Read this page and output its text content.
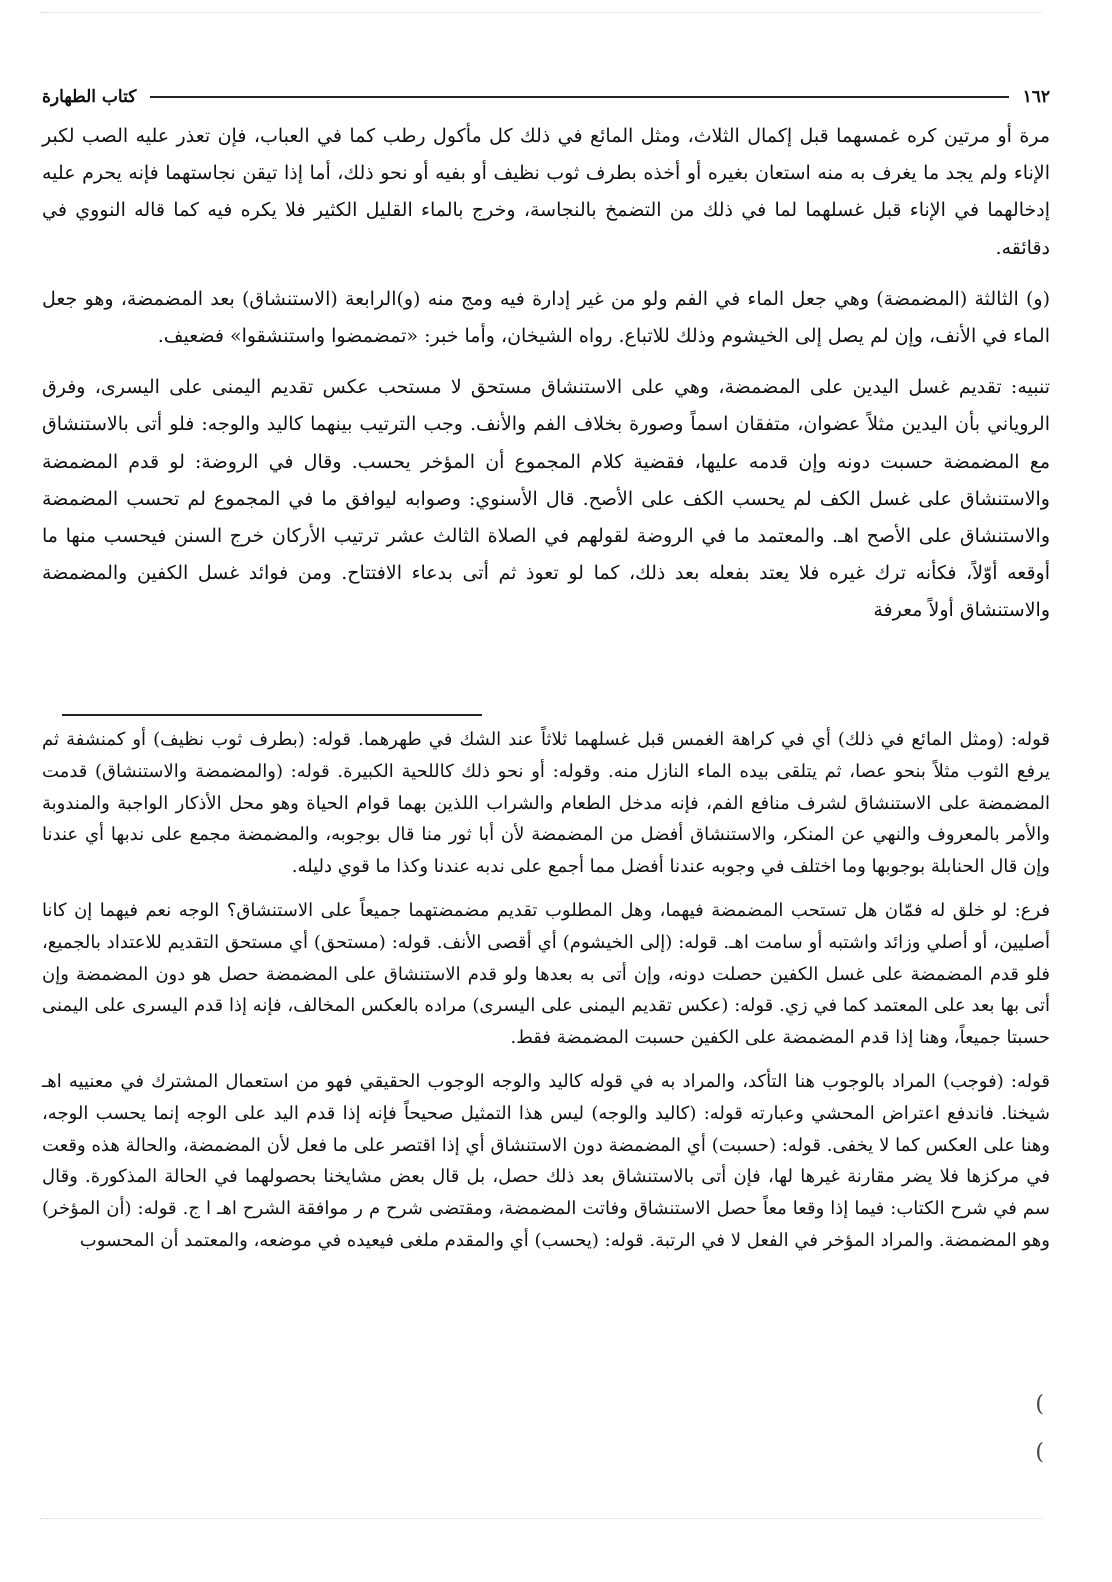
١٦٢
كتاب الطهارة

مرة أو مرتين كره غمسهما قبل إكمال الثلاث، ومثل المائع في ذلك كل مأكول رطب كما في العباب، فإن تعذر عليه الصب لكبر الإناء ولم يجد ما يغرف به منه استعان بغيره أو أخذه بطرف ثوب نظيف أو بفيه أو نحو ذلك، أما إذا تيقن نجاستهما فإنه يحرم عليه إدخالهما في الإناء قبل غسلهما لما في ذلك من التضمخ بالنجاسة، وخرج بالماء القليل الكثير فلا يكره فيه كما قاله النووي في دقائقه.

(و) الثالثة (المضمضة) وهي جعل الماء في الفم ولو من غير إدارة فيه ومج منه (و)الرابعة (الاستنشاق) بعد المضمضة، وهو جعل الماء في الأنف، وإن لم يصل إلى الخيشوم وذلك للاتباع. رواه الشيخان، وأما خبر: «تمضمضوا واستنشقوا» فضعيف.

تنبيه: تقديم غسل اليدين على المضمضة، وهي على الاستنشاق مستحق لا مستحب عكس تقديم اليمنى على اليسرى، وفرق الروياني بأن اليدين مثلاً عضوان، متفقان اسماً وصورة بخلاف الفم والأنف. وجب الترتيب بينهما كاليد والوجه: فلو أتى بالاستنشاق مع المضمضة حسبت دونه وإن قدمه عليها، فقضية كلام المجموع أن المؤخر يحسب. وقال في الروضة: لو قدم المضمضة والاستنشاق على غسل الكف لم يحسب الكف على الأصح. قال الأسنوي: وصوابه ليوافق ما في المجموع لم تحسب المضمضة والاستنشاق على الأصح اهـ. والمعتمد ما في الروضة لقولهم في الصلاة الثالث عشر ترتيب الأركان خرج السنن فيحسب منها ما أوقعه أوّلاً، فكأنه ترك غيره فلا يعتد بفعله بعد ذلك، كما لو تعوذ ثم أتى بدعاء الافتتاح. ومن فوائد غسل الكفين والمضمضة والاستنشاق أولاً معرفة

قوله: (ومثل المائع في ذلك) أي في كراهة الغمس قبل غسلهما ثلاثاً عند الشك في طهرهما. قوله: (بطرف ثوب نظيف) أو كمنشفة ثم يرفع الثوب مثلاً بنحو عصا، ثم يتلقى بيده الماء النازل منه. وقوله: أو نحو ذلك كاللحية الكبيرة. قوله: (والمضمضة والاستنشاق) قدمت المضمضة على الاستنشاق لشرف منافع الفم، فإنه مدخل الطعام والشراب اللذين بهما قوام الحياة وهو محل الأذكار الواجبة والمندوبة والأمر بالمعروف والنهي عن المنكر، والاستنشاق أفضل من المضمضة لأن أبا ثور منا قال بوجوبه، والمضمضة مجمع على ندبها أي عندنا وإن قال الحنابلة بوجوبها وما اختلف في وجوبه عندنا أفضل مما أجمع على ندبه عندنا وكذا ما قوي دليله.

فرع: لو خلق له فمّان هل تستحب المضمضة فيهما، وهل المطلوب تقديم مضمضتهما جميعاً على الاستنشاق؟ الوجه نعم فيهما إن كانا أصليين، أو أصلي وزائد واشتبه أو سامت اهـ. قوله: (إلى الخيشوم) أي أقصى الأنف. قوله: (مستحق) أي مستحق التقديم للاعتداد بالجميع، فلو قدم المضمضة على غسل الكفين حصلت دونه، وإن أتى به بعدها ولو قدم الاستنشاق على المضمضة حصل هو دون المضمضة وإن أتى بها بعد على المعتمد كما في زي. قوله: (عكس تقديم اليمنى على اليسرى) مراده بالعكس المخالف، فإنه إذا قدم اليسرى على اليمنى حسبتا جميعاً، وهنا إذا قدم المضمضة على الكفين حسبت المضمضة فقط.

قوله: (فوجب) المراد بالوجوب هنا التأكد، والمراد به في قوله كاليد والوجه الوجوب الحقيقي فهو من استعمال المشترك في معنييه اهـ شيخنا. فاندفع اعتراض المحشي وعبارته قوله: (كاليد والوجه) ليس هذا التمثيل صحيحاً فإنه إذا قدم اليد على الوجه إنما يحسب الوجه، وهنا على العكس كما لا يخفى. قوله: (حسبت) أي المضمضة دون الاستنشاق أي إذا اقتصر على ما فعل لأن المضمضة، والحالة هذه وقعت في مركزها فلا يضر مقارنة غيرها لها، فإن أتى بالاستنشاق بعد ذلك حصل، بل قال بعض مشايخنا بحصولهما في الحالة المذكورة. وقال سم في شرح الكتاب: فيما إذا وقعا معاً حصل الاستنشاق وفاتت المضمضة، ومقتضى شرح م ر موافقة الشرح اهـ ا ج. قوله: (أن المؤخر) وهو المضمضة. والمراد المؤخر في الفعل لا في الرتبة. قوله: (يحسب) أي والمقدم ملغى فيعيده في موضعه، والمعتمد أن المحسوب

(
(
